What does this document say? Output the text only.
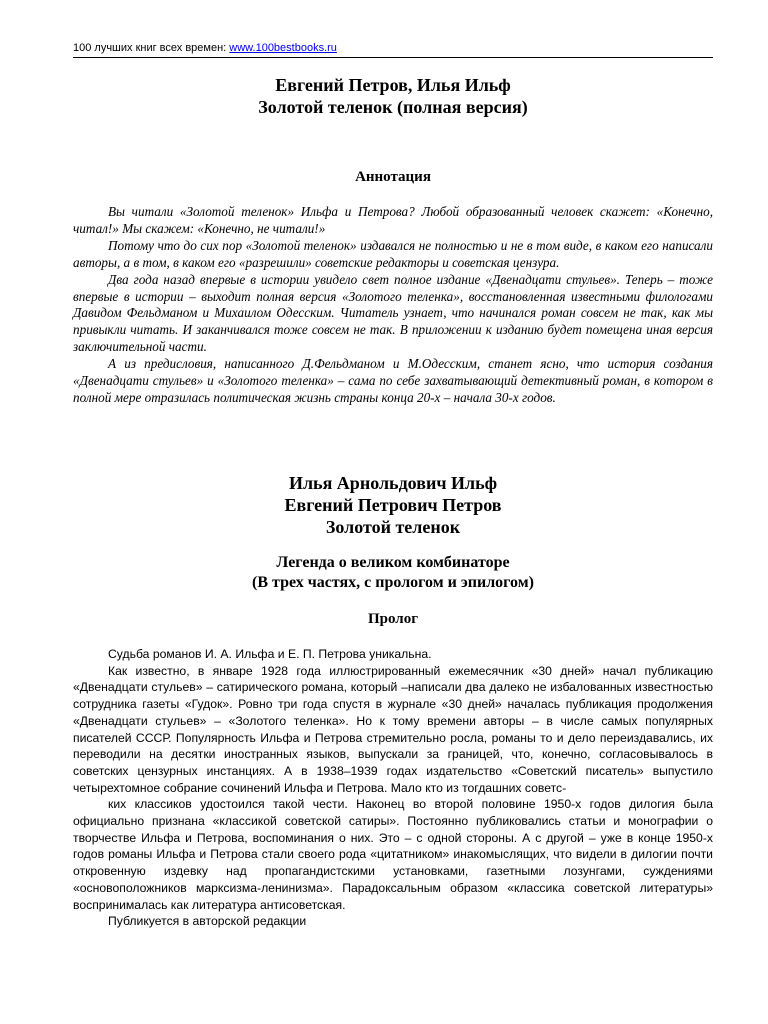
100 лучших книг всех времен: www.100bestbooks.ru
Евгений Петров, Илья Ильф
Золотой теленок (полная версия)
Аннотация

Вы читали «Золотой теленок» Ильфа и Петрова? Любой образованный человек скажет: «Конечно, читал!» Мы скажем: «Конечно, не читали!»

Потому что до сих пор «Золотой теленок» издавался не полностью и не в том виде, в каком его написали авторы, а в том, в каком его «разрешили» советские редакторы и советская цензура.

Два года назад впервые в истории увидело свет полное издание «Двенадцати стульев». Теперь – тоже впервые в истории – выходит полная версия «Золотого теленка», восстановленная известными филологами Давидом Фельдманом и Михаилом Одесским. Читатель узнает, что начинался роман совсем не так, как мы привыкли читать. И заканчивался тоже совсем не так. В приложении к изданию будет помещена иная версия заключительной части.

А из предисловия, написанного Д.Фельдманом и М.Одесским, станет ясно, что история создания «Двенадцати стульев» и «Золотого теленка» – сама по себе захватывающий детективный роман, в котором в полной мере отразилась политическая жизнь страны конца 20-х – начала 30-х годов.

Илья Арнольдович Ильф
Евгений Петрович Петров
Золотой теленок
Легенда о великом комбинаторе
(В трех частях, с прологом и эпилогом)
Пролог

Судьба романов И. А. Ильфа и Е. П. Петрова уникальна.

Как известно, в январе 1928 года иллюстрированный ежемесячник «30 дней» начал публикацию «Двенадцати стульев» – сатирического романа, который –написали два далеко не избалованных известностью сотрудника газеты «Гудок». Ровно три года спустя в журнале «30 дней» началась публикация продолжения «Двенадцати стульев» – «Золотого теленка». Но к тому времени авторы – в числе самых популярных писателей СССР. Популярность Ильфа и Петрова стремительно росла, романы то и дело переиздавались, их переводили на десятки иностранных языков, выпускали за границей, что, конечно, согласовывалось в советских цензурных инстанциях. А в 1938–1939 годах издательство «Советский писатель» выпустило четырехтомное собрание сочинений Ильфа и Петрова. Мало кто из тогдашних советс-

ких классиков удостоился такой чести. Наконец во второй половине 1950-х годов дилогия была официально признана «классикой советской сатиры». Постоянно публиковались статьи и монографии о творчестве Ильфа и Петрова, воспоминания о них. Это – с одной стороны. А с другой – уже в конце 1950-х годов романы Ильфа и Петрова стали своего рода «цитатником» инакомыслящих, что видели в дилогии почти откровенную издевку над пропагандистскими установками, газетными лозунгами, суждениями «основоположников марксизма-ленинизма». Парадоксальным образом «классика советской литературы» воспринималась как литература антисоветская.

Публикуется в авторской редакции
